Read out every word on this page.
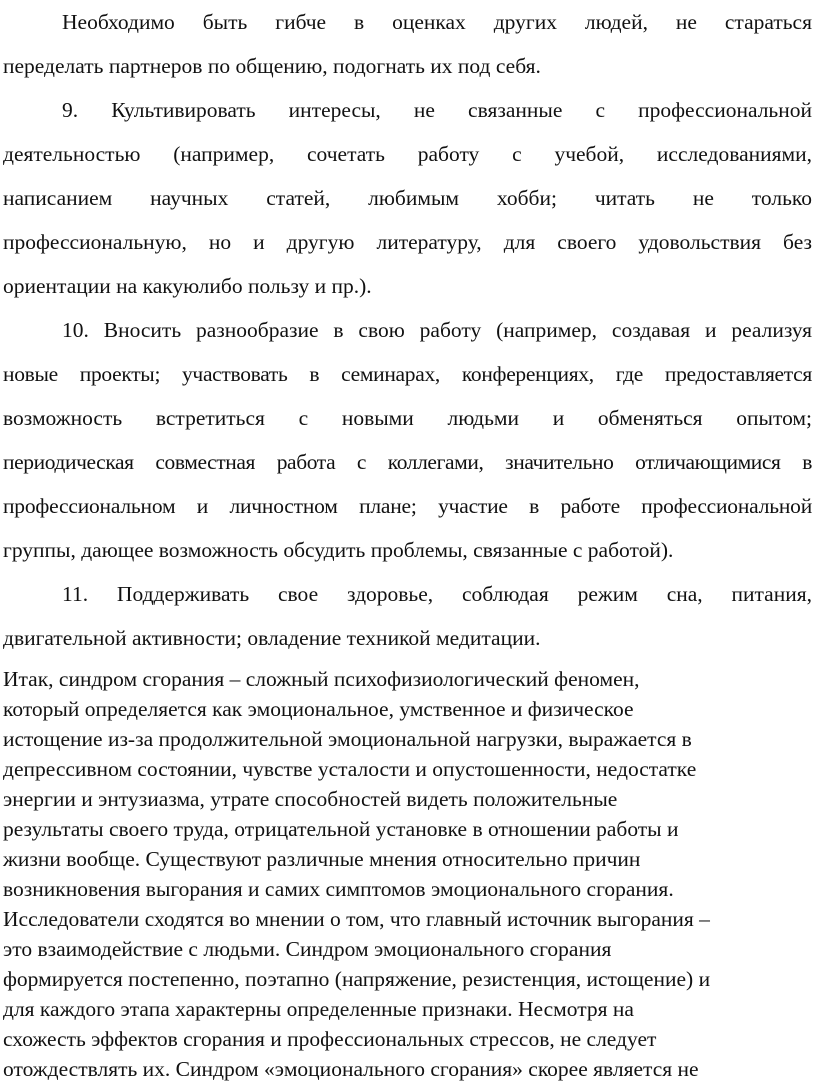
Необходимо быть гибче в оценках других людей, не стараться
переделать партнеров по общению, подогнать их под себя.

9. Культивировать интересы, не связанные с профессиональной
деятельностью (например, сочетать работу с учебой, исследованиями,
написанием научных статей, любимым хобби; читать не только
профессиональную, но и другую литературу, для своего удовольствия без
ориентации на какуюлибо пользу и пр.).

10. Вносить разнообразие в свою работу (например, создавая и реализуя
новые проекты; участвовать в семинарах, конференциях, где предоставляется
возможность встретиться с новыми людьми и обменяться опытом;
периодическая совместная работа с коллегами, значительно отличающимися в
профессиональном и личностном плане; участие в работе профессиональной
группы, дающее возможность обсудить проблемы, связанные с работой).

11. Поддерживать свое здоровье, соблюдая режим сна, питания,
двигательной активности; овладение техникой медитации.

Итак, синдром сгорания – сложный психофизиологический феномен,
который определяется как эмоциональное, умственное и физическое
истощение из-за продолжительной эмоциональной нагрузки, выражается в
депрессивном состоянии, чувстве усталости и опустошенности, недостатке
энергии и энтузиазма, утрате способностей видеть положительные
результаты своего труда, отрицательной установке в отношении работы и
жизни вообще. Существуют различные мнения относительно причин
возникновения выгорания и самих симптомов эмоционального сгорания.
Исследователи сходятся во мнении о том, что главный источник выгорания –
это взаимодействие с людьми. Синдром эмоционального сгорания
формируется постепенно, поэтапно (напряжение, резистенция, истощение) и
для каждого этапа характерны определенные признаки. Несмотря на
схожесть эффектов сгорания и профессиональных стрессов, не следует
отождествлять их. Синдром «эмоционального сгорания» скорее является не
